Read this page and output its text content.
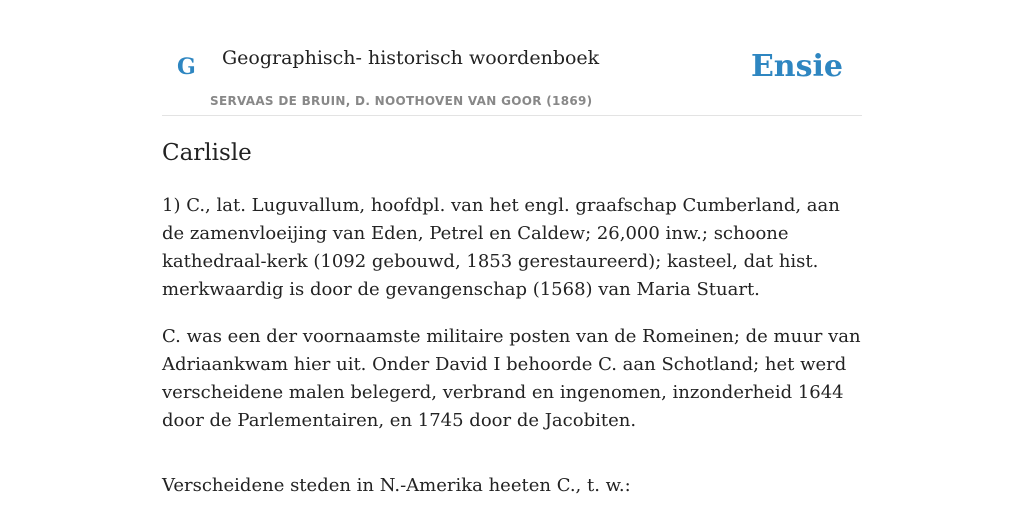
G Geographisch- historisch woordenboek
SERVAAS DE BRUIN, D. NOOTHOVEN VAN GOOR (1869)
Ensie
Carlisle

1) C., lat. Luguvallum, hoofdpl. van het engl. graafschap Cumberland, aan de zamenvloeijing van Eden, Petrel en Caldew; 26,000 inw.; schoone kathedraal-kerk (1092 gebouwd, 1853 gerestaureerd); kasteel, dat hist. merkwaardig is door de gevangenschap (1568) van Maria Stuart.

C. was een der voornaamste militaire posten van de Romeinen; de muur van Adriaankwam hier uit. Onder David I behoorde C. aan Schotland; het werd verscheidene malen belegerd, verbrand en ingenomen, inzonderheid 1644 door de Parlementairen, en 1745 door de Jacobiten.

Verscheidene steden in N.-Amerika heeten C., t. w.:
